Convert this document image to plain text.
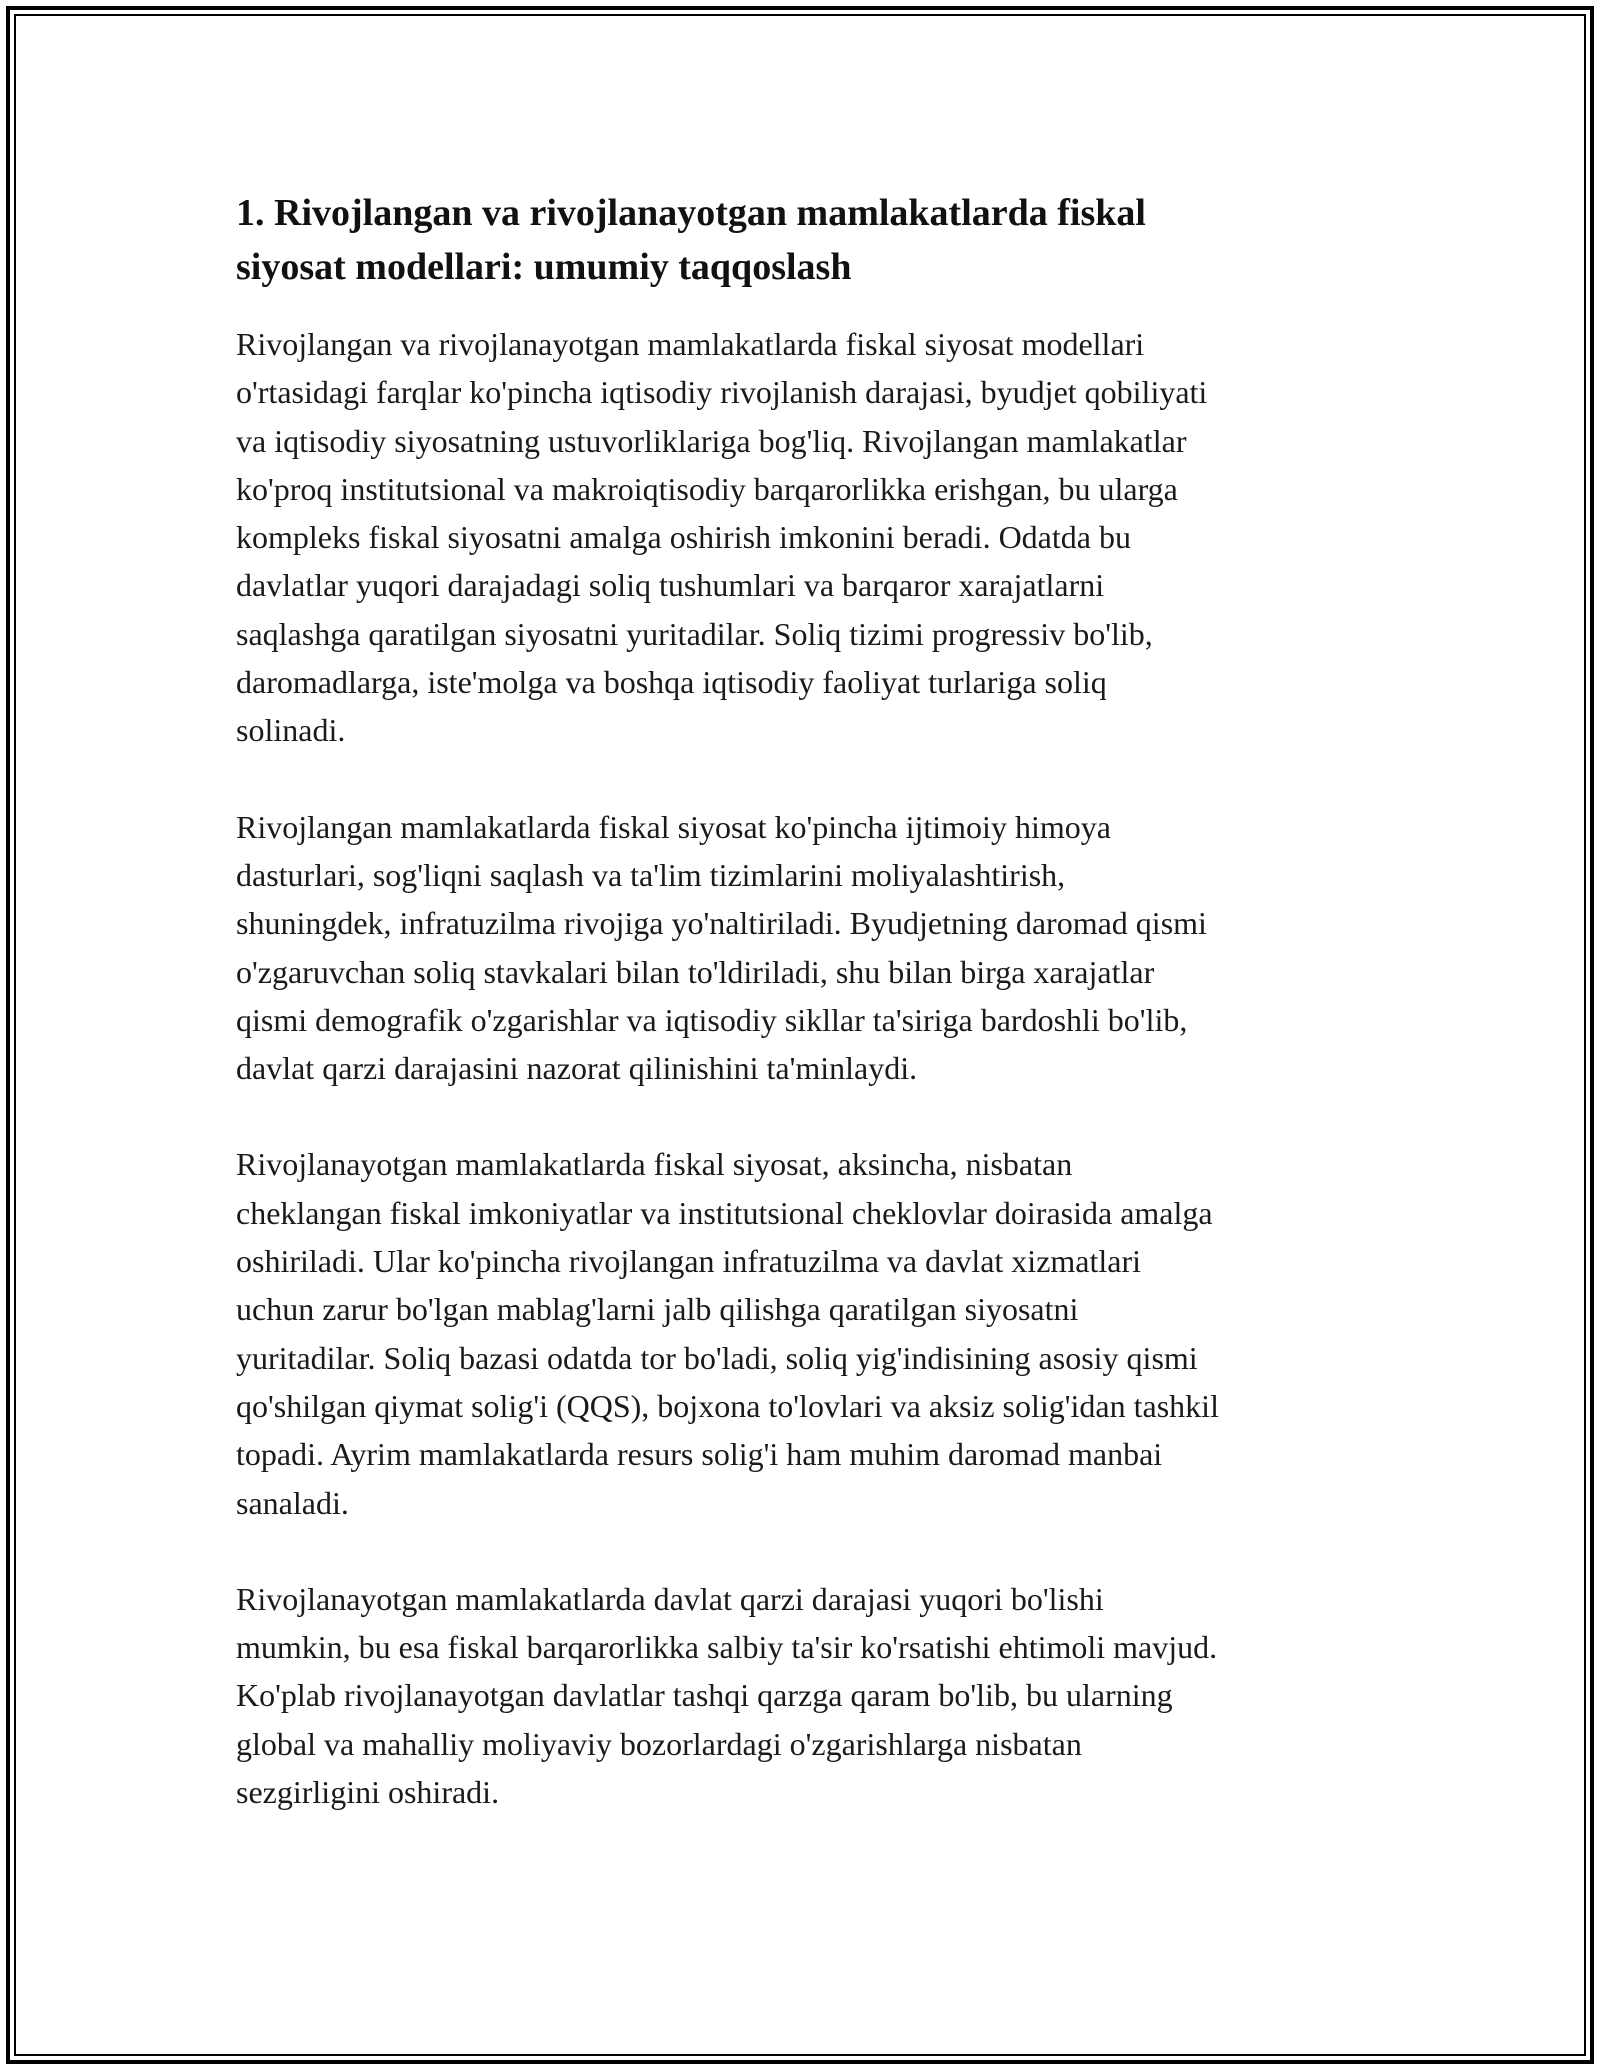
1. Rivojlangan va rivojlanayotgan mamlakatlarda fiskal
siyosat modellari: umumiy taqqoslash

Rivojlangan va rivojlanayotgan mamlakatlarda fiskal siyosat modellari
o'rtasidagi farqlar ko'pincha iqtisodiy rivojlanish darajasi, byudjet qobiliyati
va iqtisodiy siyosatning ustuvorliklariga bog'liq. Rivojlangan mamlakatlar
ko'proq institutsional va makroiqtisodiy barqarorlikka erishgan, bu ularga
kompleks fiskal siyosatni amalga oshirish imkonini beradi. Odatda bu
davlatlar yuqori darajadagi soliq tushumlari va barqaror xarajatlarni
saqlashga qaratilgan siyosatni yuritadilar. Soliq tizimi progressiv bo'lib,
daromadlarga, iste'molga va boshqa iqtisodiy faoliyat turlariga soliq
solinadi.

Rivojlangan mamlakatlarda fiskal siyosat ko'pincha ijtimoiy himoya
dasturlari, sog'liqni saqlash va ta'lim tizimlarini moliyalashtirish,
shuningdek, infratuzilma rivojiga yo'naltiriladi. Byudjetning daromad qismi
o'zgaruvchan soliq stavkalari bilan to'ldiriladi, shu bilan birga xarajatlar
qismi demografik o'zgarishlar va iqtisodiy sikllar ta'siriga bardoshli bo'lib,
davlat qarzi darajasini nazorat qilinishini ta'minlaydi.

Rivojlanayotgan mamlakatlarda fiskal siyosat, aksincha, nisbatan
cheklangan fiskal imkoniyatlar va institutsional cheklovlar doirasida amalga
oshiriladi. Ular ko'pincha rivojlangan infratuzilma va davlat xizmatlari
uchun zarur bo'lgan mablag'larni jalb qilishga qaratilgan siyosatni
yuritadilar. Soliq bazasi odatda tor bo'ladi, soliq yig'indisining asosiy qismi
qo'shilgan qiymat solig'i (QQS), bojxona to'lovlari va aksiz solig'idan tashkil
topadi. Ayrim mamlakatlarda resurs solig'i ham muhim daromad manbai
sanaladi.

Rivojlanayotgan mamlakatlarda davlat qarzi darajasi yuqori bo'lishi
mumkin, bu esa fiskal barqarorlikka salbiy ta'sir ko'rsatishi ehtimoli mavjud.
Ko'plab rivojlanayotgan davlatlar tashqi qarzga qaram bo'lib, bu ularning
global va mahalliy moliyaviy bozorlardagi o'zgarishlarga nisbatan
sezgirligini oshiradi.
